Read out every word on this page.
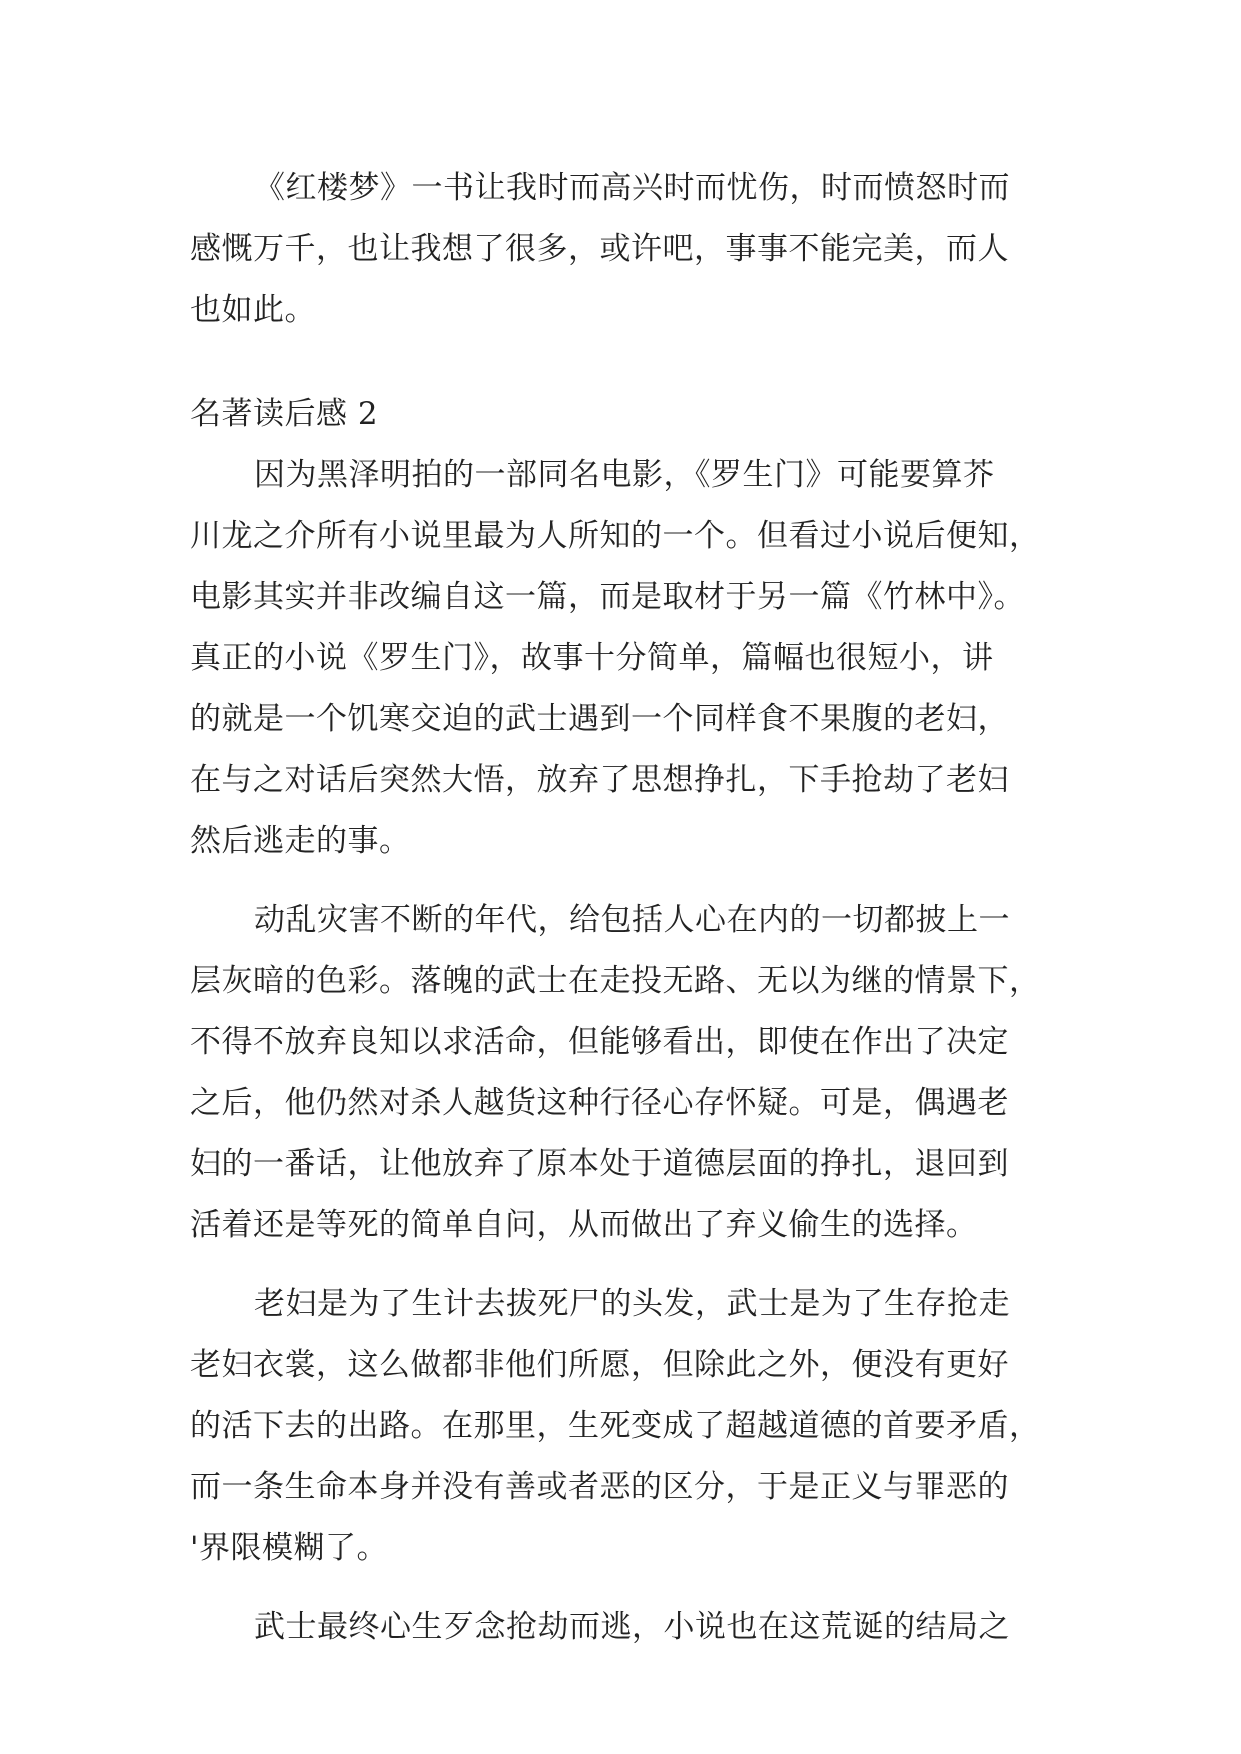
《红楼梦》一书让我时而高兴时而忧伤，时而愤怒时而
感慨万千，也让我想了很多，或许吧，事事不能完美，而人
也如此。
名著读后感 2
因为黑泽明拍的一部同名电影，《罗生门》可能要算芥
川龙之介所有小说里最为人所知的一个。但看过小说后便知，
电影其实并非改编自这一篇，而是取材于另一篇《竹林中》。
真正的小说《罗生门》，故事十分简单，篇幅也很短小，讲
的就是一个饥寒交迫的武士遇到一个同样食不果腹的老妇，
在与之对话后突然大悟，放弃了思想挣扎，下手抢劫了老妇
然后逃走的事。
动乱灾害不断的年代，给包括人心在内的一切都披上一
层灰暗的色彩。落魄的武士在走投无路、无以为继的情景下，
不得不放弃良知以求活命，但能够看出，即使在作出了决定
之后，他仍然对杀人越货这种行径心存怀疑。可是，偶遇老
妇的一番话，让他放弃了原本处于道德层面的挣扎，退回到
活着还是等死的简单自问，从而做出了弃义偷生的选择。
老妇是为了生计去拔死尸的头发，武士是为了生存抢走
老妇衣裳，这么做都非他们所愿，但除此之外，便没有更好
的活下去的出路。在那里，生死变成了超越道德的首要矛盾，
而一条生命本身并没有善或者恶的区分，于是正义与罪恶的
'界限模糊了。
武士最终心生歹念抢劫而逃，小说也在这荒诞的结局之
